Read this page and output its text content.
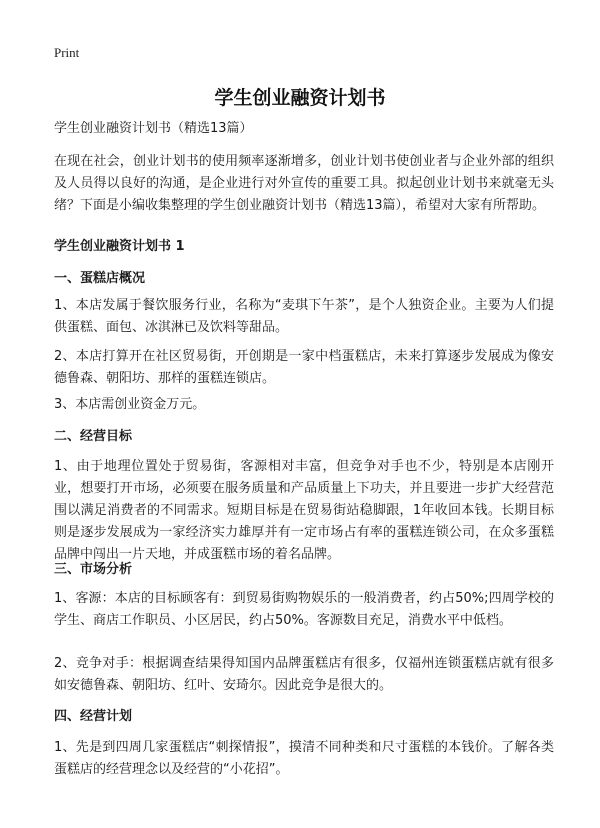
Print
学生创业融资计划书

学生创业融资计划书（精选13篇）

在现在社会，创业计划书的使用频率逐渐增多，创业计划书使创业者与企业外部的组织及人员得以良好的沟通，是企业进行对外宣传的重要工具。拟起创业计划书来就毫无头绪？下面是小编收集整理的学生创业融资计划书（精选13篇），希望对大家有所帮助。

学生创业融资计划书 1

一、蛋糕店概况

1、本店发属于餐饮服务行业，名称为“麦琪下午茶”，是个人独资企业。主要为人们提供蛋糕、面包、冰淇淋已及饮料等甜品。

2、本店打算开在社区贸易街，开创期是一家中档蛋糕店，未来打算逐步发展成为像安德鲁森、朝阳坊、那样的蛋糕连锁店。

3、本店需创业资金万元。

二、经营目标

1、由于地理位置处于贸易街，客源相对丰富，但竞争对手也不少，特别是本店刚开业，想要打开市场，必须要在服务质量和产品质量上下功夫，并且要进一步扩大经营范围以满足消费者的不同需求。短期目标是在贸易街站稳脚跟，1年收回本钱。长期目标则是逐步发展成为一家经济实力雄厚并有一定市场占有率的蛋糕连锁公司，在众多蛋糕品牌中闯出一片天地，并成蛋糕市场的着名品牌。

三、市场分析

1、客源：本店的目标顾客有：到贸易街购物娱乐的一般消费者，约占50%;四周学校的学生、商店工作职员、小区居民，约占50%。客源数目充足，消费水平中低档。

2、竞争对手：根据调查结果得知国内品牌蛋糕店有很多，仅福州连锁蛋糕店就有很多如安德鲁森、朝阳坊、红叶、安琦尔。因此竞争是很大的。

四、经营计划

1、先是到四周几家蛋糕店“刺探情报”，摸清不同种类和尺寸蛋糕的本钱价。了解各类蛋糕店的经营理念以及经营的“小花招”。
